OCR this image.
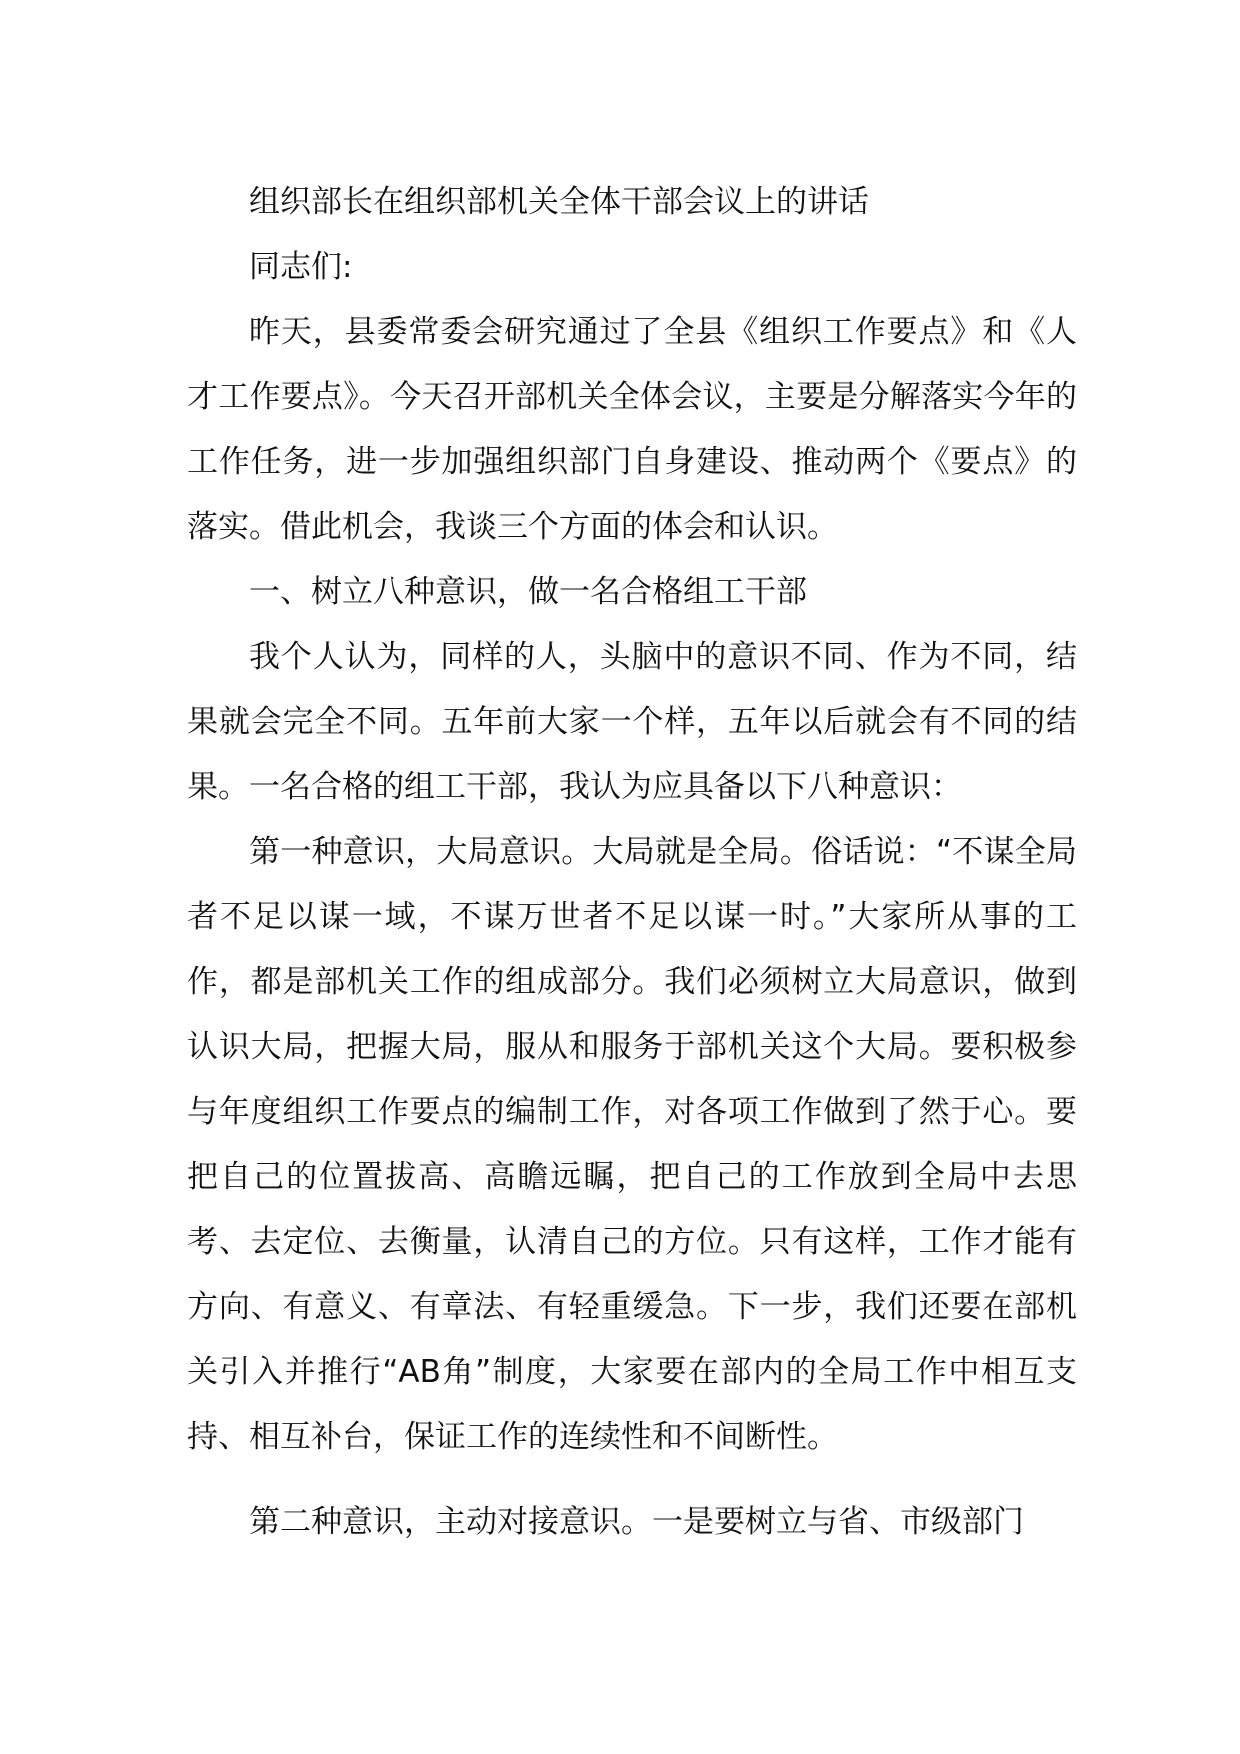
组织部长在组织部机关全体干部会议上的讲话

同志们:

昨天，县委常委会研究通过了全县《组织工作要点》和《人才工作要点》。今天召开部机关全体会议，主要是分解落实今年的工作任务，进一步加强组织部门自身建设、推动两个《要点》的落实。借此机会，我谈三个方面的体会和认识。

一、树立八种意识，做一名合格组工干部

我个人认为，同样的人，头脑中的意识不同、作为不同，结果就会完全不同。五年前大家一个样，五年以后就会有不同的结果。一名合格的组工干部，我认为应具备以下八种意识：

第一种意识，大局意识。大局就是全局。俗话说：“不谋全局者不足以谋一域，不谋万世者不足以谋一时。”大家所从事的工作，都是部机关工作的组成部分。我们必须树立大局意识，做到认识大局，把握大局，服从和服务于部机关这个大局。要积极参与年度组织工作要点的编制工作，对各项工作做到了然于心。要把自己的位置拔高、高瞻远瞩，把自己的工作放到全局中去思考、去定位、去衡量，认清自己的方位。只有这样，工作才能有方向、有意义、有章法、有轻重缓急。下一步，我们还要在部机关引入并推行“AB角”制度，大家要在部内的全局工作中相互支持、相互补台，保证工作的连续性和不间断性。

第二种意识，主动对接意识。一是要树立与省、市级部门
